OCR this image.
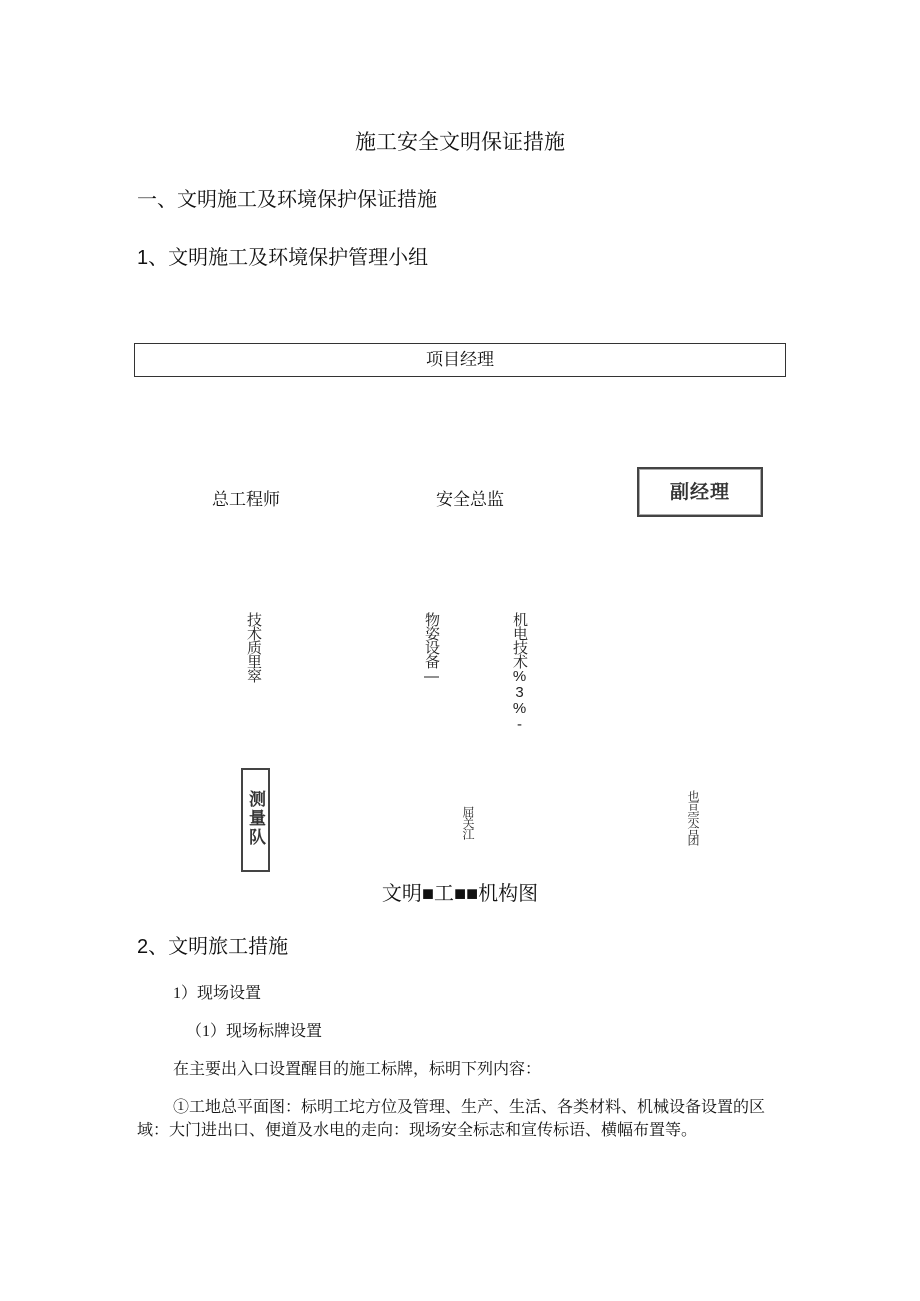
施工安全文明保证措施
一、文明施工及环境保护保证措施
1、文明施工及环境保护管理小组
项目经理
总工程师	安全总监	副经理
技术质里窣	物姿设备—	机电技术%3%-
测量队	屈关江	也亘宗合团
文明■工■■机构图
2、文明旅工措施
1）现场设置
（1）现场标牌设置
在主要出入口设置醒目的施工标牌，标明下列内容：
①工地总平面图：标明工坨方位及管理、生产、生活、各类材料、机械设备设置的区域：大门进出口、便道及水电的走向：现场安全标志和宣传标语、横幅布置等。
